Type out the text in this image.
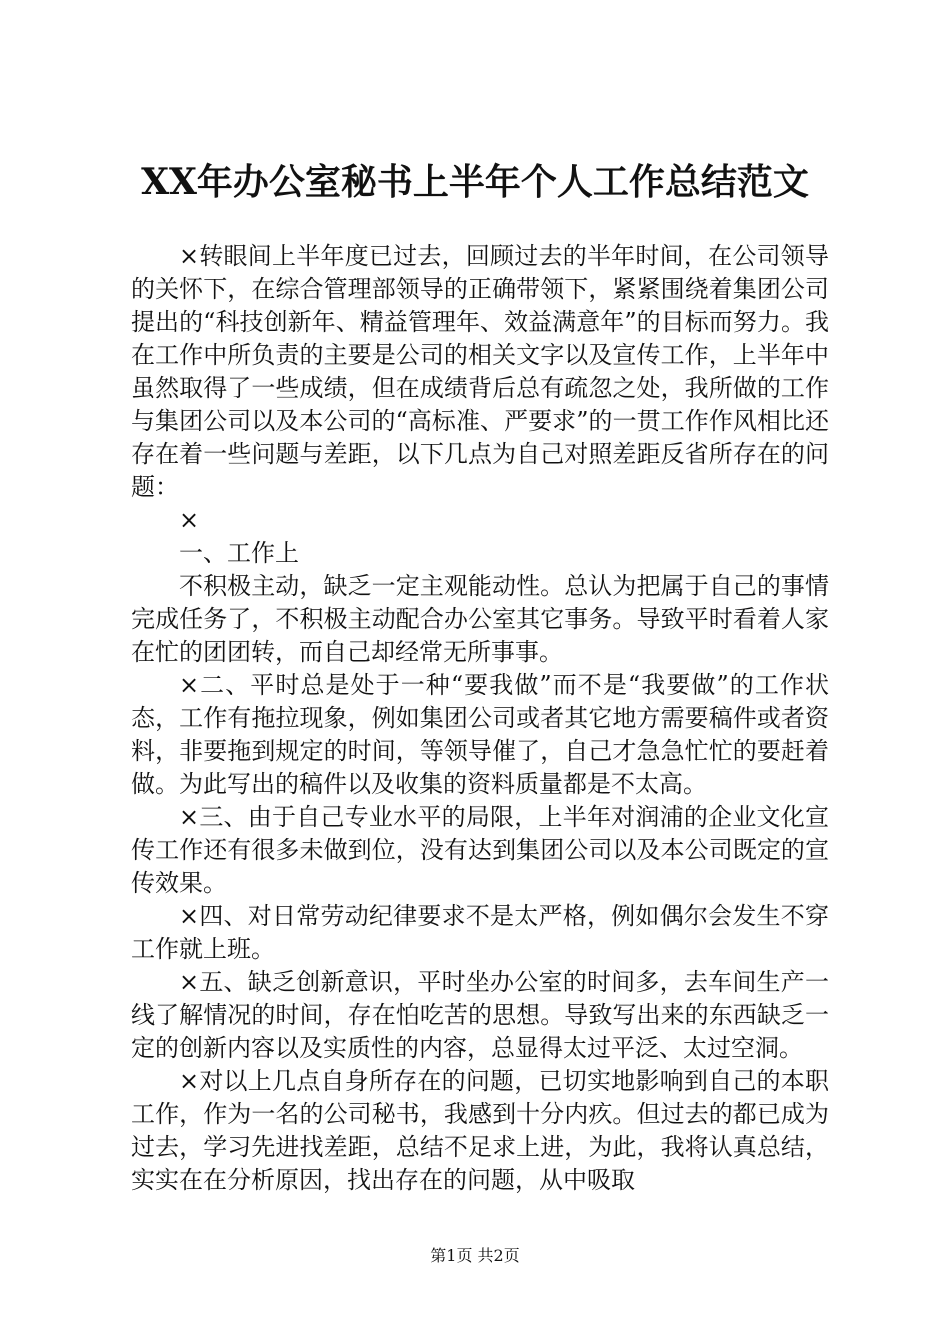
XX年办公室秘书上半年个人工作总结范文

×转眼间上半年度已过去，回顾过去的半年时间，在公司领导的关怀下，在综合管理部领导的正确带领下，紧紧围绕着集团公司提出的“科技创新年、精益管理年、效益满意年”的目标而努力。我在工作中所负责的主要是公司的相关文字以及宣传工作，上半年中虽然取得了一些成绩，但在成绩背后总有疏忽之处，我所做的工作与集团公司以及本公司的“高标准、严要求”的一贯工作作风相比还存在着一些问题与差距，以下几点为自己对照差距反省所存在的问题：

×

一、工作上

不积极主动，缺乏一定主观能动性。总认为把属于自己的事情完成任务了，不积极主动配合办公室其它事务。导致平时看着人家在忙的团团转，而自己却经常无所事事。

×二、平时总是处于一种“要我做”而不是“我要做”的工作状态，工作有拖拉现象，例如集团公司或者其它地方需要稿件或者资料，非要拖到规定的时间，等领导催了，自己才急急忙忙的要赶着做。为此写出的稿件以及收集的资料质量都是不太高。

×三、由于自己专业水平的局限，上半年对润浦的企业文化宣传工作还有很多未做到位，没有达到集团公司以及本公司既定的宣传效果。

×四、对日常劳动纪律要求不是太严格，例如偶尔会发生不穿工作就上班。

×五、缺乏创新意识，平时坐办公室的时间多，去车间生产一线了解情况的时间，存在怕吃苦的思想。导致写出来的东西缺乏一定的创新内容以及实质性的内容，总显得太过平泛、太过空洞。

×对以上几点自身所存在的问题，已切实地影响到自己的本职工作，作为一名的公司秘书，我感到十分内疚。但过去的都已成为过去，学习先进找差距，总结不足求上进，为此，我将认真总结，实实在在分析原因，找出存在的问题，从中吸取

第1页 共2页
